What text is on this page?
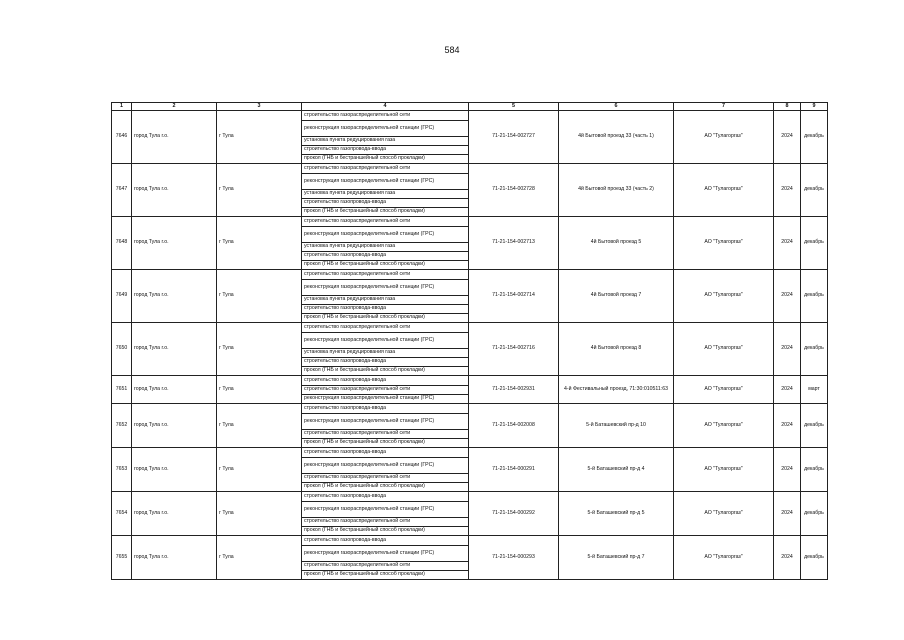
584
1	2	3	4	5	6	7	8	9
7646	город Тула г.о.	г Тула	строительство газораспределительной сети
реконструкция газораспределительной станции (ГРС)
установка пункта редуцирования газа
строительство газопровода-ввода
прокол (ГНБ и бестраншейный способ прокладки)	71-21-154-002727	4й Бытовой проезд 33 (часть 1)	АО "Тулагоргаз"	2024	декабрь
7647	город Тула г.о.	г Тула	строительство газораспределительной сети
реконструкция газораспределительной станции (ГРС)
установка пункта редуцирования газа
строительство газопровода-ввода
прокол (ГНБ и бестраншейный способ прокладки)	71-21-154-002728	4й Бытовой проезд 33 (часть 2)	АО "Тулагоргаз"	2024	декабрь
7648	город Тула г.о.	г Тула	строительство газораспределительной сети
реконструкция газораспределительной станции (ГРС)
установка пункта редуцирования газа
строительство газопровода-ввода
прокол (ГНБ и бестраншейный способ прокладки)	71-21-154-002713	4й Бытовой проезд 5	АО "Тулагоргаз"	2024	декабрь
7649	город Тула г.о.	г Тула	строительство газораспределительной сети
реконструкция газораспределительной станции (ГРС)
установка пункта редуцирования газа
строительство газопровода-ввода
прокол (ГНБ и бестраншейный способ прокладки)	71-21-154-002714	4й Бытовой проезд 7	АО "Тулагоргаз"	2024	декабрь
7650	город Тула г.о.	г Тула	строительство газораспределительной сети
реконструкция газораспределительной станции (ГРС)
установка пункта редуцирования газа
строительство газопровода-ввода
прокол (ГНБ и бестраншейный способ прокладки)	71-21-154-002716	4й Бытовой проезд 8	АО "Тулагоргаз"	2024	декабрь
7651	город Тула г.о.	г Тула	строительство газопровода-ввода
строительство газораспределительной сети
реконструкция газораспределительной станции (ГРС)	71-21-154-002931	4-й Фестивальный проезд, 71:30:010511:63	АО "Тулагоргаз"	2024	март
7652	город Тула г.о.	г Тула	строительство газопровода-ввода
реконструкция газораспределительной станции (ГРС)
строительство газораспределительной сети
прокол (ГНБ и бестраншейный способ прокладки)	71-21-154-002008	5-й Баташевский пр-д 10	АО "Тулагоргаз"	2024	декабрь
7653	город Тула г.о.	г Тула	строительство газопровода-ввода
реконструкция газораспределительной станции (ГРС)
строительство газораспределительной сети
прокол (ГНБ и бестраншейный способ прокладки)	71-21-154-000291	5-й Баташевский пр-д 4	АО "Тулагоргаз"	2024	декабрь
7654	город Тула г.о.	г Тула	строительство газопровода-ввода
реконструкция газораспределительной станции (ГРС)
строительство газораспределительной сети
прокол (ГНБ и бестраншейный способ прокладки)	71-21-154-000292	5-й Баташевский пр-д 5	АО "Тулагоргаз"	2024	декабрь
7655	город Тула г.о.	г Тула	строительство газопровода-ввода
реконструкция газораспределительной станции (ГРС)
строительство газораспределительной сети
прокол (ГНБ и бестраншейный способ прокладки)	71-21-154-000293	5-й Баташевский пр-д 7	АО "Тулагоргаз"	2024	декабрь
